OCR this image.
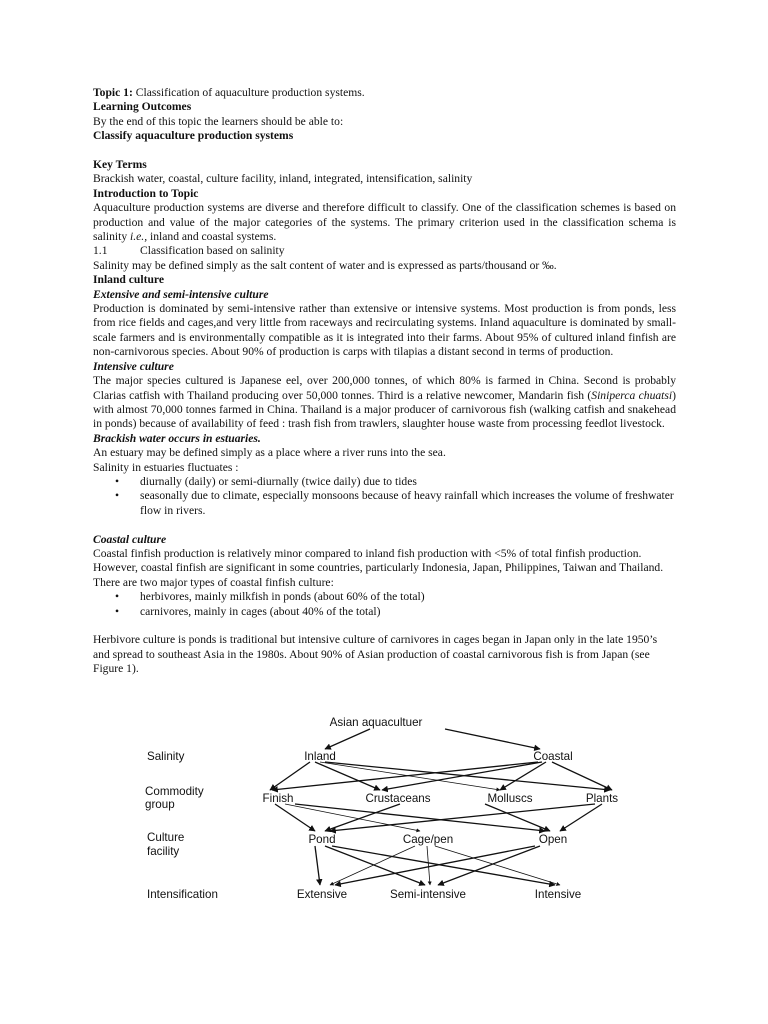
Topic 1: Classification of aquaculture production systems.

Learning Outcomes

By the end of this topic the learners should be able to:

Classify aquaculture production systems

Key Terms

Brackish water, coastal, culture facility, inland, integrated, intensification, salinity

Introduction to Topic

Aquaculture production systems are diverse and therefore difficult to classify. One of the classification schemes is based on production and value of the major categories of the systems. The primary criterion used in the classification schema is salinity i.e., inland and coastal systems.

1.1	Classification based on salinity

Salinity may be defined simply as the salt content of water and is expressed as parts/thousand or ‰.

Inland culture

Extensive and semi-intensive culture

Production is dominated by semi-intensive rather than extensive or intensive systems. Most production is from ponds, less from rice fields and cages,and very little from raceways and recirculating systems. Inland aquaculture is dominated by small-scale farmers and is environmentally compatible as it is integrated into their farms. About 95% of cultured inland finfish are non-carnivorous species. About 90% of production is carps with tilapias a distant second in terms of production.

Intensive culture

The major species cultured is Japanese eel, over 200,000 tonnes, of which 80% is farmed in China. Second is probably Clarias catfish with Thailand producing over 50,000 tonnes. Third is a relative newcomer, Mandarin fish (Siniperca chuatsi) with almost 70,000 tonnes farmed in China. Thailand is a major producer of carnivorous fish (walking catfish and snakehead in ponds) because of availability of feed : trash fish from trawlers, slaughter house waste from processing feedlot livestock.

Brackish water occurs in estuaries.

An estuary may be defined simply as a place where a river runs into the sea.

Salinity in estuaries fluctuates :

• diurnally (daily) or semi-diurnally (twice daily) due to tides
• seasonally due to climate, especially monsoons because of heavy rainfall which increases the volume of freshwater flow in rivers.

Coastal culture

Coastal finfish production is relatively minor compared to inland fish production with <5% of total finfish production. However, coastal finfish are significant in some countries, particularly Indonesia, Japan, Philippines, Taiwan and Thailand. There are two major types of coastal finfish culture:

• herbivores, mainly milkfish in ponds (about 60% of the total)
• carnivores, mainly in cages (about 40% of the total)

Herbivore culture is ponds is traditional but intensive culture of carnivores in cages began in Japan only in the late 1950’s and spread to southeast Asia in the 1980s. About 90% of Asian production of coastal carnivorous fish is from Japan (see Figure 1).

Asian aquacultuer
Salinity
Commodity
group
Culture
facility
Intensification
Inland	Coastal
Finish	Crustaceans	Molluscs	Plants
Pond	Cage/pen	Open
Extensive	Semi-intensive	Intensive
